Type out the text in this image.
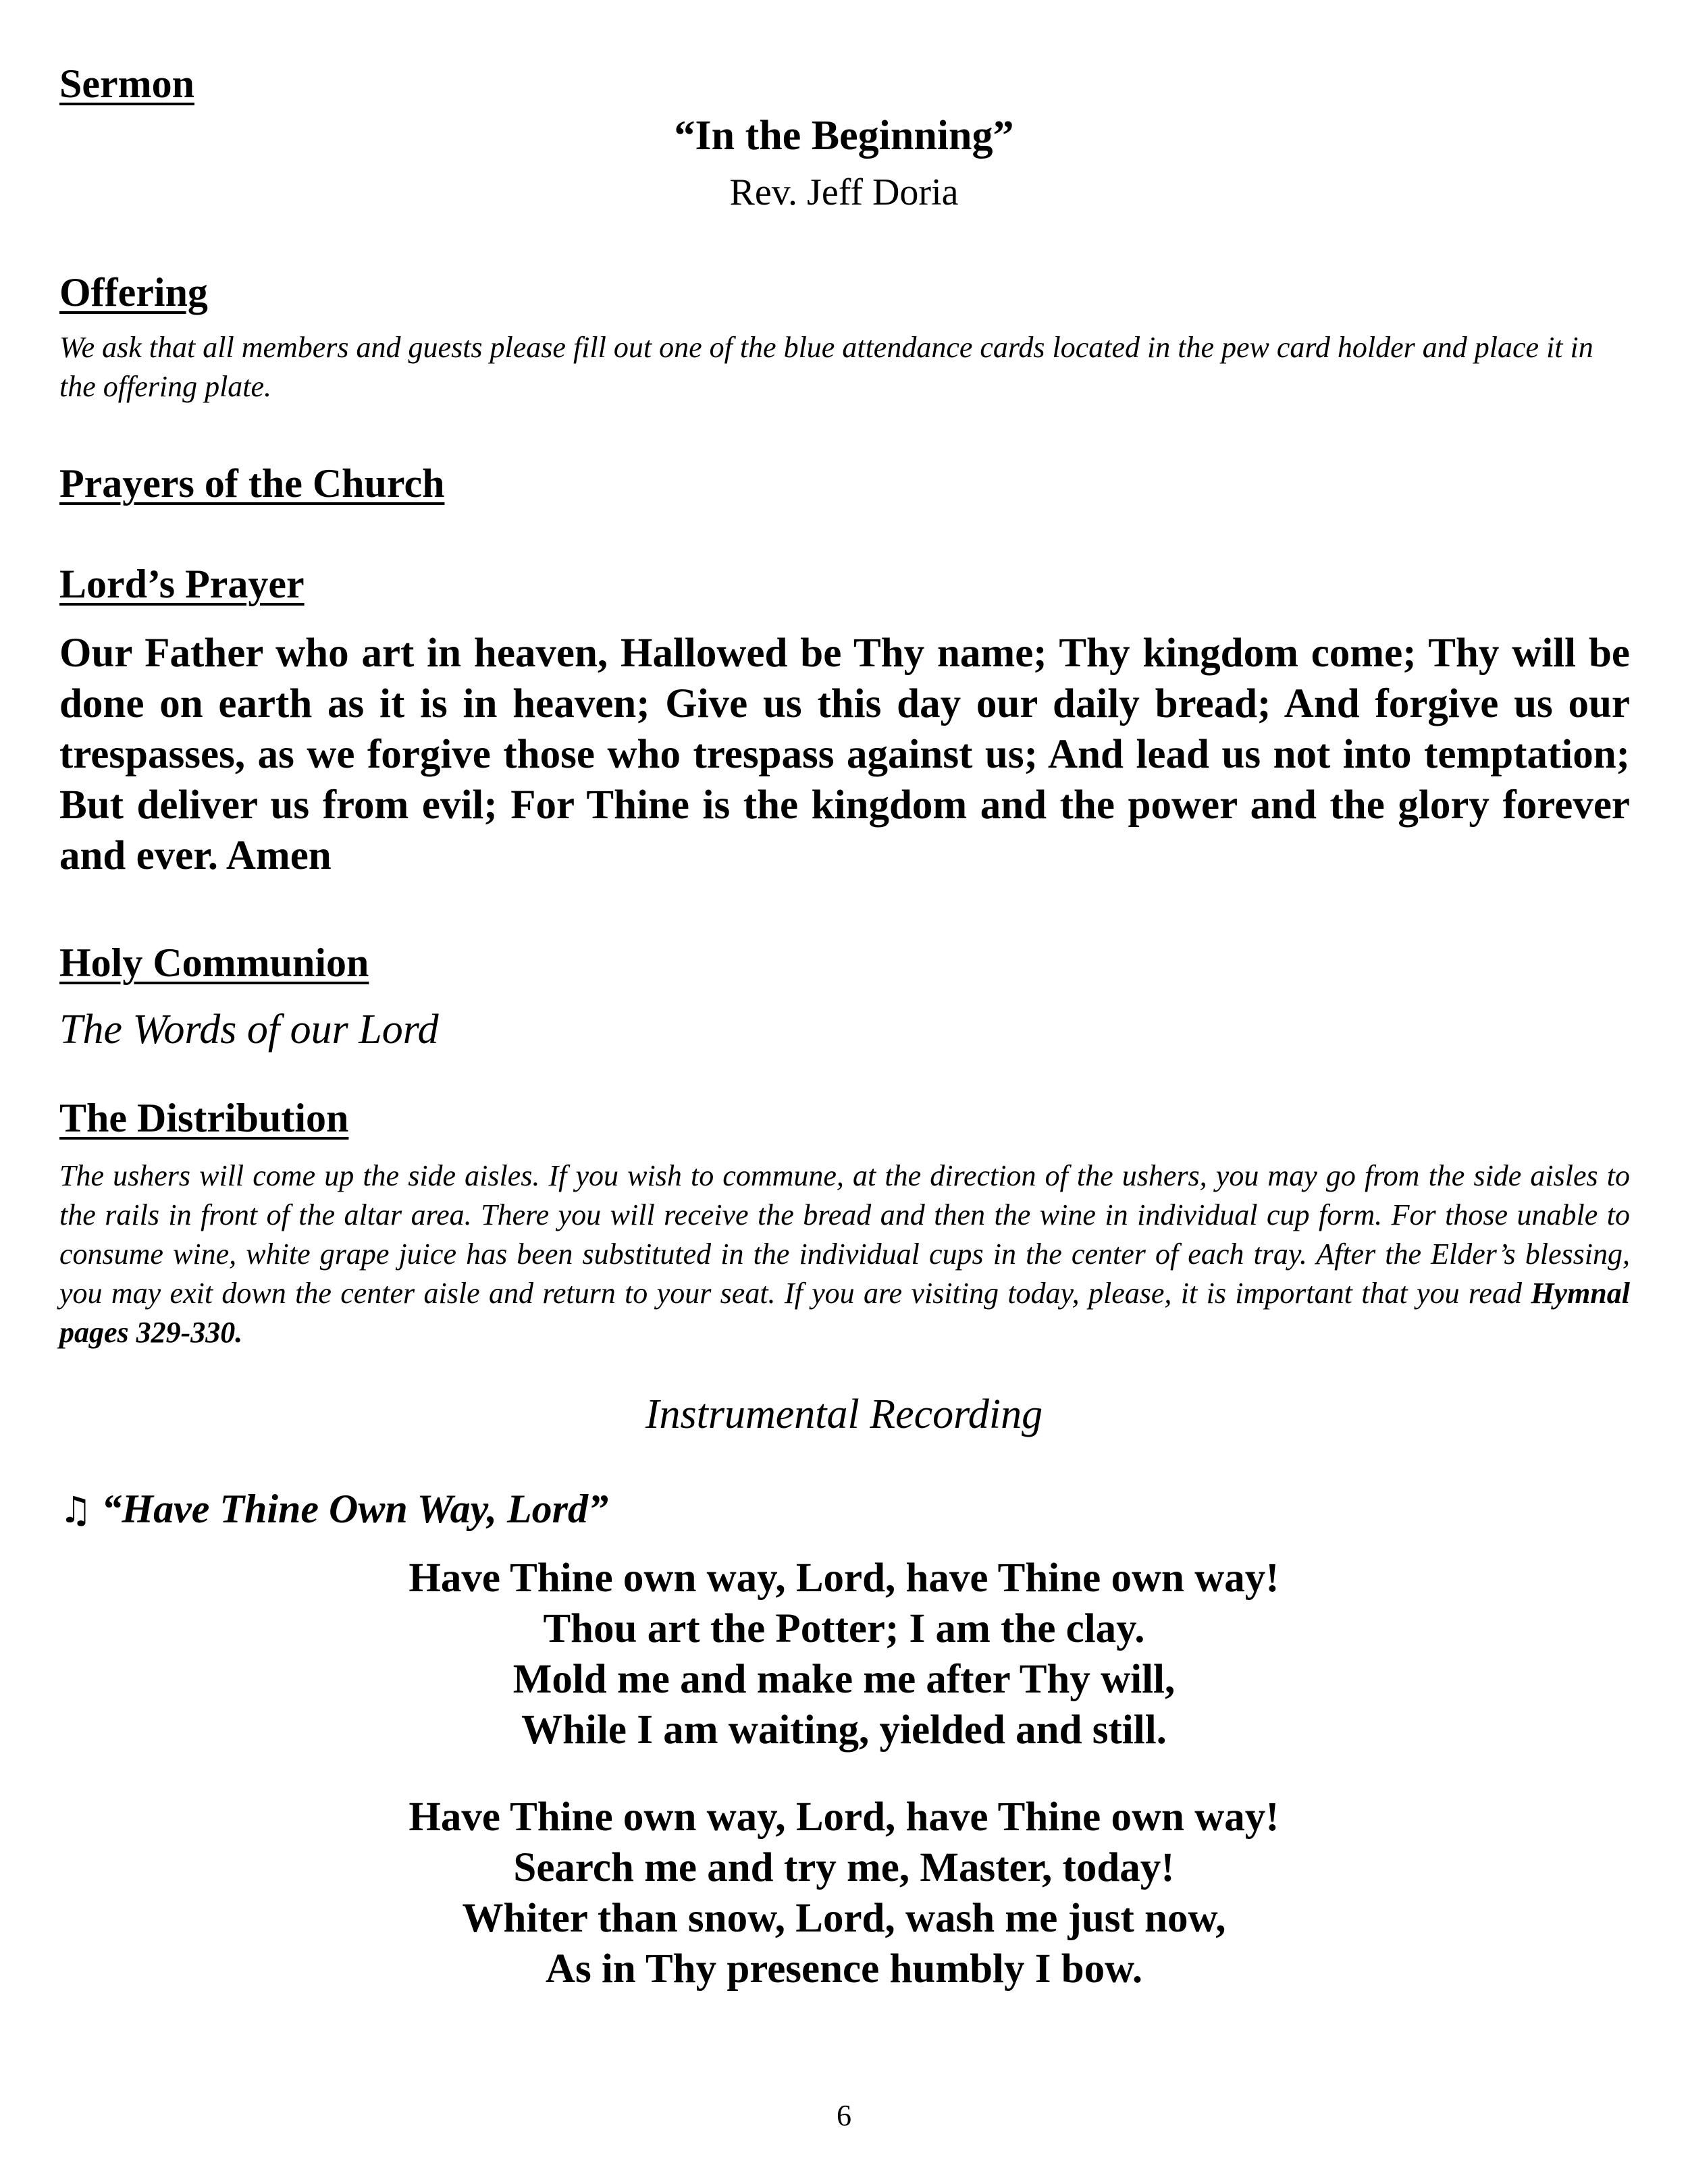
Sermon

“In the Beginning”

Rev. Jeff Doria

Offering

We ask that all members and guests please fill out one of the blue attendance cards located in the pew card holder and place it in the offering plate.

Prayers of the Church
Lord’s Prayer

Our Father who art in heaven, Hallowed be Thy name; Thy kingdom come; Thy will be done on earth as it is in heaven; Give us this day our daily bread; And forgive us our trespasses, as we forgive those who trespass against us; And lead us not into temptation; But deliver us from evil; For Thine is the kingdom and the power and the glory forever and ever. Amen

Holy Communion

The Words of our Lord

The Distribution

The ushers will come up the side aisles. If you wish to commune, at the direction of the ushers, you may go from the side aisles to the rails in front of the altar area. There you will receive the bread and then the wine in individual cup form. For those unable to consume wine, white grape juice has been substituted in the individual cups in the center of each tray. After the Elder’s blessing, you may exit down the center aisle and return to your seat. If you are visiting today, please, it is important that you read Hymnal pages 329-330.

Instrumental Recording

♫ “Have Thine Own Way, Lord”

Have Thine own way, Lord, have Thine own way!
Thou art the Potter; I am the clay.
Mold me and make me after Thy will,
While I am waiting, yielded and still.
Have Thine own way, Lord, have Thine own way!
Search me and try me, Master, today!
Whiter than snow, Lord, wash me just now,
As in Thy presence humbly I bow.

6
